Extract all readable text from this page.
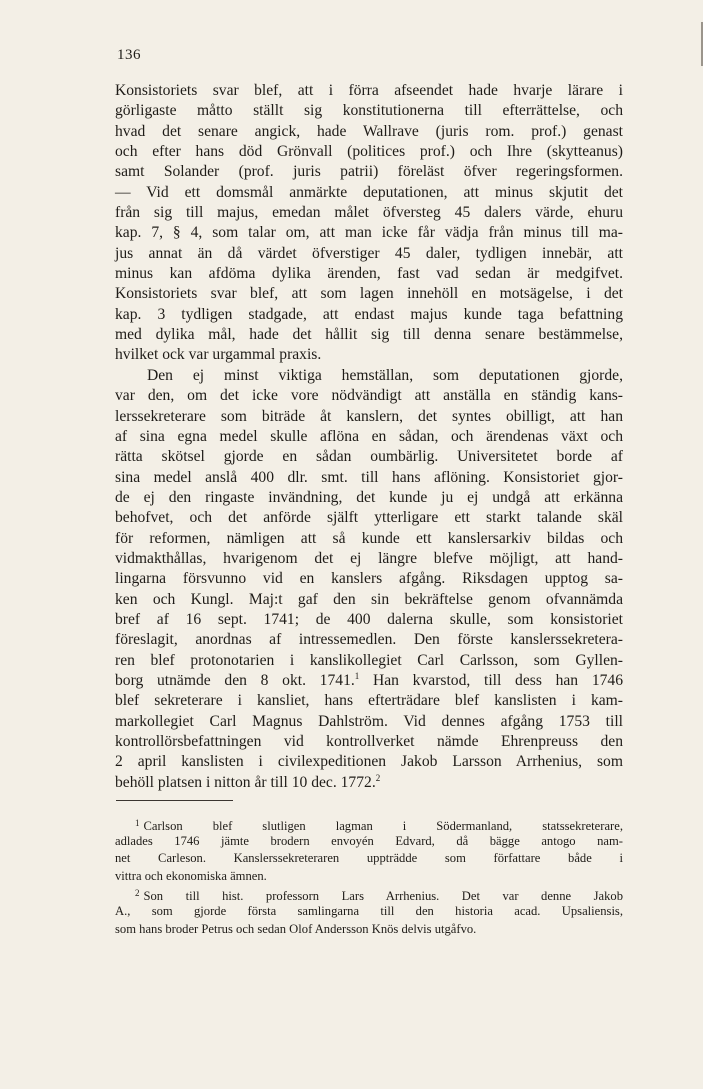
136
Konsistoriets svar blef, att i förra afseendet hade hvarje lärare i
görligaste måtto ställt sig konstitutionerna till efterrättelse, och
hvad det senare angick, hade Wallrave (juris rom. prof.) genast
och efter hans död Grönvall (politices prof.) och Ihre (skytteanus)
samt Solander (prof. juris patrii) föreläst öfver regeringsformen.
— Vid ett domsmål anmärkte deputationen, att minus skjutit det
från sig till majus, emedan målet öfversteg 45 dalers värde, ehuru
kap. 7, § 4, som talar om, att man icke får vädja från minus till ma-
jus annat än då värdet öfverstiger 45 daler, tydligen innebär, att
minus kan afdöma dylika ärenden, fast vad sedan är medgifvet.
Konsistoriets svar blef, att som lagen innehöll en motsägelse, i det
kap. 3 tydligen stadgade, att endast majus kunde taga befattning
med dylika mål, hade det hållit sig till denna senare bestämmelse,
hvilket ock var urgammal praxis.
Den ej minst viktiga hemställan, som deputationen gjorde,
var den, om det icke vore nödvändigt att anställa en ständig kans-
lerssekreterare som biträde åt kanslern, det syntes obilligt, att han
af sina egna medel skulle aflöna en sådan, och ärendenas växt och
rätta skötsel gjorde en sådan oumbärlig. Universitetet borde af
sina medel anslå 400 dlr. smt. till hans aflöning. Konsistoriet gjor-
de ej den ringaste invändning, det kunde ju ej undgå att erkänna
behofvet, och det anförde själft ytterligare ett starkt talande skäl
för reformen, nämligen att så kunde ett kanslersarkiv bildas och
vidmakthållas, hvarigenom det ej längre blefve möjligt, att hand-
lingarna försvunno vid en kanslers afgång. Riksdagen upptog sa-
ken och Kungl. Maj:t gaf den sin bekräftelse genom ofvannämda
bref af 16 sept. 1741; de 400 dalerna skulle, som konsistoriet
föreslagit, anordnas af intressemedlen. Den förste kanslerssekretera-
ren blef protonotarien i kanslikollegiet Carl Carlsson, som Gyllen-
borg utnämde den 8 okt. 1741.$^1$ Han kvarstod, till dess han 1746
blef sekreterare i kansliet, hans efterträdare blef kanslisten i kam-
markollegiet Carl Magnus Dahlström. Vid dennes afgång 1753 till
kontrollörsbefattningen vid kontrollverket nämde Ehrenpreuss den
2 april kanslisten i civilexpeditionen Jakob Larsson Arrhenius, som
behöll platsen i nitton år till 10 dec. 1772.$^2$
$^1$ Carlson blef slutligen lagman i Södermanland, statssekreterare,
adlades 1746 jämte brodern envoyén Edvard, då bägge antogo nam-
net Carleson. Kanslerssekreteraren uppträdde som författare både i
vittra och ekonomiska ämnen.
$^2$ Son till hist. professorn Lars Arrhenius. Det var denne Jakob
A., som gjorde första samlingarna till den historia acad. Upsaliensis,
som hans broder Petrus och sedan Olof Andersson Knös delvis utgåfvo.
